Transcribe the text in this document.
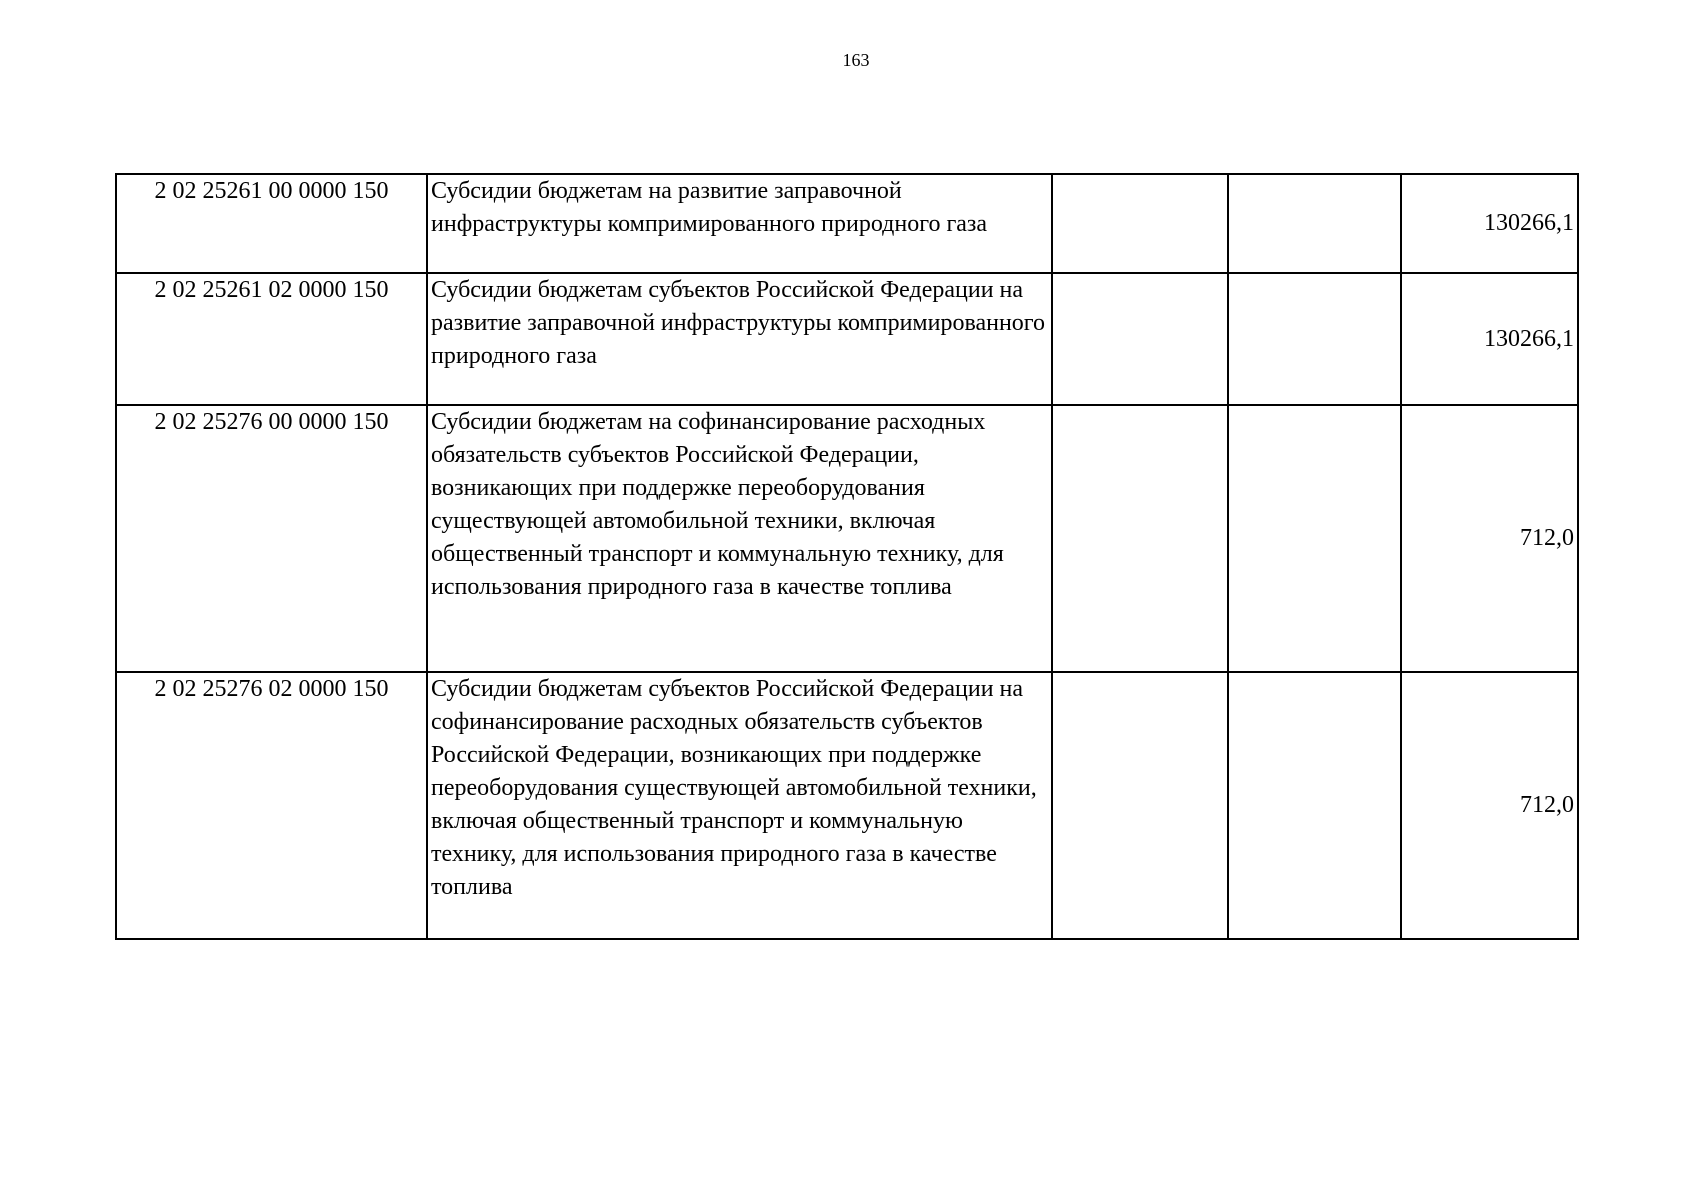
163
2 02 25261 00 0000 150	Субсидии бюджетам на развитие заправочной инфраструктуры компримированного природного газа			130266,1
2 02 25261 02 0000 150	Субсидии бюджетам субъектов Российской Федерации на развитие заправочной инфраструктуры компримированного природного газа			130266,1
2 02 25276 00 0000 150	Субсидии бюджетам на софинансирование расходных обязательств субъектов Российской Федерации, возникающих при поддержке переоборудования существующей автомобильной техники, включая общественный транспорт и коммунальную технику, для использования природного газа в качестве топлива			712,0
2 02 25276 02 0000 150	Субсидии бюджетам субъектов Российской Федерации на софинансирование расходных обязательств субъектов Российской Федерации, возникающих при поддержке переоборудования существующей автомобильной техники, включая общественный транспорт и коммунальную технику, для использования природного газа в качестве топлива			712,0
